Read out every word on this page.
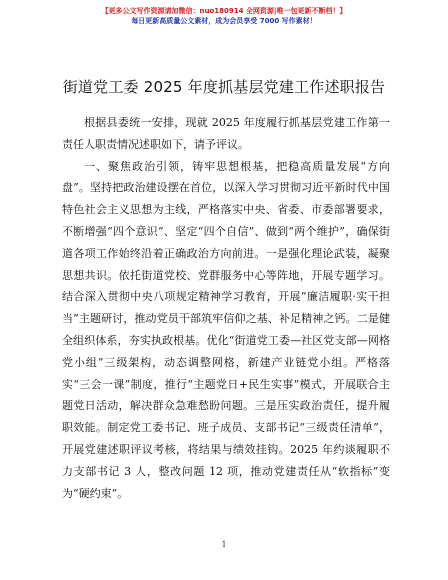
【更多公文写作资源请加微信：nuo180914 全网资源|唯一包更新不断档！】
每日更新高质量公文素材，成为会员享受 7000 写作素材！
街道党工委 2025 年度抓基层党建工作述职报告

根据县委统一安排，现就 2025 年度履行抓基层党建工作第一责任人职责情况述职如下，请予评议。

一、聚焦政治引领，铸牢思想根基，把稳高质量发展“方向盘”。坚持把政治建设摆在首位，以深入学习贯彻习近平新时代中国特色社会主义思想为主线，严格落实中央、省委、市委部署要求，不断增强“四个意识”、坚定“四个自信”、做到“两个维护”，确保街道各项工作始终沿着正确政治方向前进。一是强化理论武装，凝聚思想共识。依托街道党校、党群服务中心等阵地，开展专题学习。结合深入贯彻中央八项规定精神学习教育，开展“廉洁履职·实干担当”主题研讨，推动党员干部筑牢信仰之基、补足精神之钙。二是健全组织体系，夯实执政根基。优化“街道党工委—社区党支部—网格党小组”三级架构，动态调整网格，新建产业链党小组。严格落实“三会一课”制度，推行“主题党日+民生实事”模式，开展联合主题党日活动，解决群众急难愁盼问题。三是压实政治责任，提升履职效能。制定党工委书记、班子成员、支部书记“三级责任清单”，开展党建述职评议考核，将结果与绩效挂钩。2025 年约谈履职不力支部书记 3 人，整改问题 12 项，推动党建责任从“软指标”变为“硬约束”。

1
